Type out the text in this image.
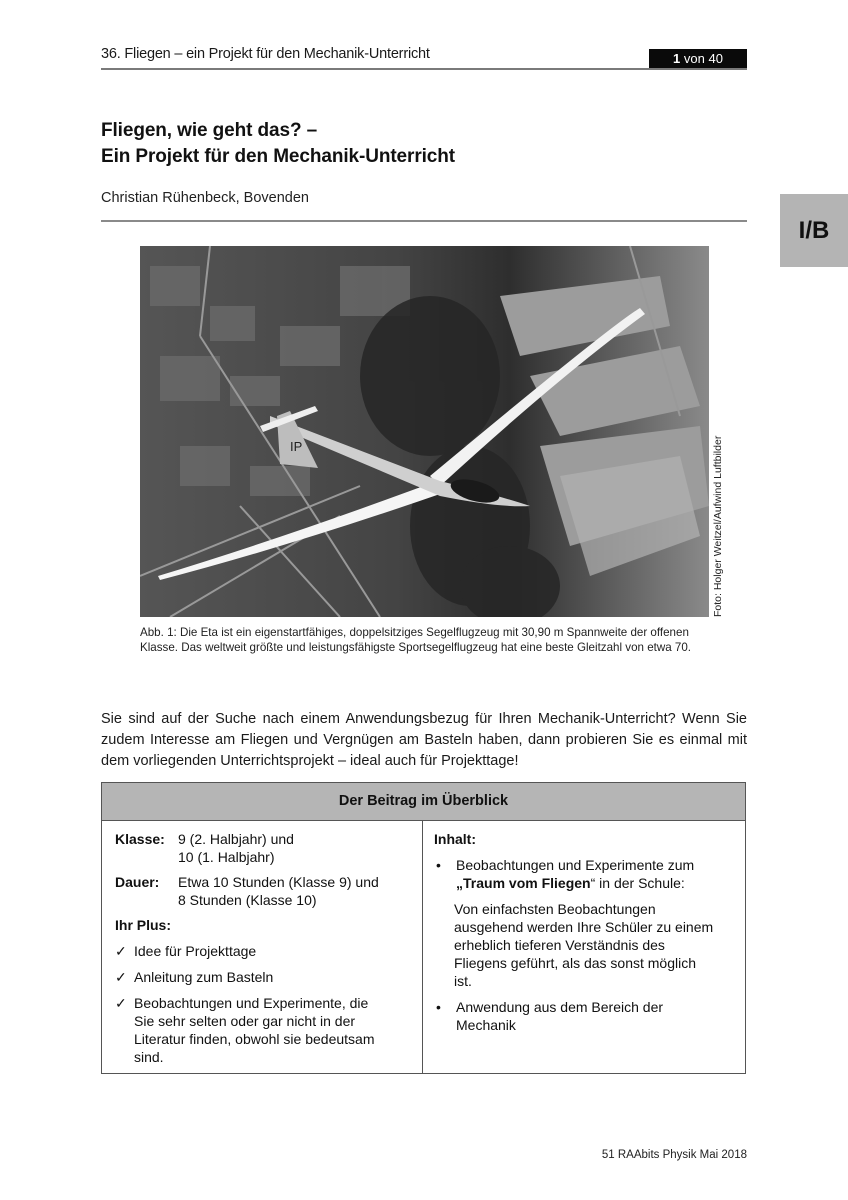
36. Fliegen – ein Projekt für den Mechanik-Unterricht	1 von 40
I/B
Fliegen, wie geht das? –
Ein Projekt für den Mechanik-Unterricht
Christian Rühenbeck, Bovenden
IP	Foto: Holger Weitzel/Aufwind Luftbilder
Abb. 1: Die Eta ist ein eigenstartfähiges, doppelsitziges Segelflugzeug mit 30,90 m Spannweite der offenen Klasse. Das weltweit größte und leistungsfähigste Sportsegelflugzeug hat eine beste Gleitzahl von etwa 70.
Sie sind auf der Suche nach einem Anwendungsbezug für Ihren Mechanik-Unterricht? Wenn Sie zudem Interesse am Fliegen und Vergnügen am Basteln haben, dann probieren Sie es einmal mit dem vorliegenden Unterrichtsprojekt – ideal auch für Projekttage!
Der Beitrag im Überblick
Klasse: 9 (2. Halbjahr) und
10 (1. Halbjahr)
Dauer:	Etwa 10 Stunden (Klasse 9) und
8 Stunden (Klasse 10)
Ihr Plus:
✓ Idee für Projekttage
✓ Anleitung zum Basteln
✓ Beobachtungen und Experimente, die Sie sehr selten oder gar nicht in der Literatur finden, obwohl sie bedeutsam sind.
Inhalt:
•	Beobachtungen und Experimente zum „Traum vom Fliegen“ in der Schule:
Von einfachsten Beobachtungen ausgehend werden Ihre Schüler zu einem erheblich tieferen Verständnis des Fliegens geführt, als das sonst möglich ist.
•	Anwendung aus dem Bereich der Mechanik
51 RAAbits Physik Mai 2018
